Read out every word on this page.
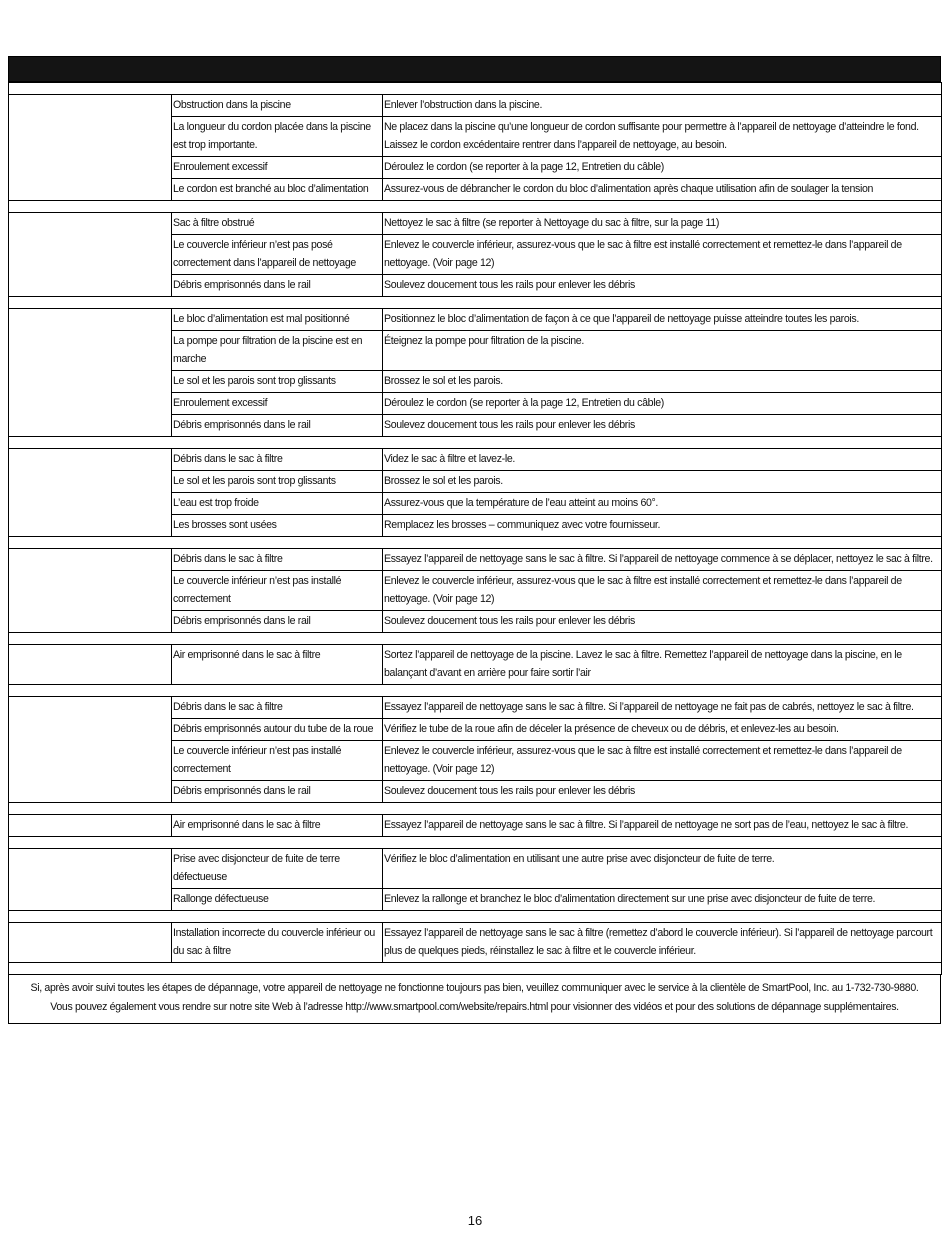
	Obstruction dans la piscine	Enlever l’obstruction dans la piscine.
	La longueur du cordon placée dans la piscine est trop importante.	Ne placez dans la piscine qu’une longueur de cordon suffisante pour permettre à l’appareil de nettoyage d’atteindre le fond. Laissez le cordon excédentaire rentrer dans l’appareil de nettoyage, au besoin.
	Enroulement excessif	Déroulez le cordon (se reporter à la page 12, Entretien du câble)
	Le cordon est branché au bloc d’alimentation	Assurez-vous de débrancher le cordon du bloc d’alimentation après chaque utilisation afin de soulager la tension

	Sac à filtre obstrué	Nettoyez le sac à filtre (se reporter à Nettoyage du sac à filtre, sur la page 11)
	Le couvercle inférieur n’est pas posé correctement dans l’appareil de nettoyage	Enlevez le couvercle inférieur, assurez-vous que le sac à filtre est installé correctement et remettez-le dans l’appareil de nettoyage. (Voir page 12)
	Débris emprisonnés dans le rail	Soulevez doucement tous les rails pour enlever les débris

	Le bloc d’alimentation est mal positionné	Positionnez le bloc d’alimentation de façon à ce que l’appareil de nettoyage puisse atteindre toutes les parois.
	La pompe pour filtration de la piscine est en marche	Éteignez la pompe pour filtration de la piscine.
	Le sol et les parois sont trop glissants	Brossez le sol et les parois.
	Enroulement excessif	Déroulez le cordon (se reporter à la page 12, Entretien du câble)
	Débris emprisonnés dans le rail	Soulevez doucement tous les rails pour enlever les débris

	Débris dans le sac à filtre	Videz le sac à filtre et lavez-le.
	Le sol et les parois sont trop glissants	Brossez le sol et les parois.
	L’eau est trop froide	Assurez-vous que la température de l’eau atteint au moins 60°.
	Les brosses sont usées	Remplacez les brosses – communiquez avec votre fournisseur.

	Débris dans le sac à filtre	Essayez l’appareil de nettoyage sans le sac à filtre. Si l’appareil de nettoyage commence à se déplacer, nettoyez le sac à filtre.
	Le couvercle inférieur n’est pas installé correctement	Enlevez le couvercle inférieur, assurez-vous que le sac à filtre est installé correctement et remettez-le dans l’appareil de nettoyage. (Voir page 12)
	Débris emprisonnés dans le rail	Soulevez doucement tous les rails pour enlever les débris

	Air emprisonné dans le sac à filtre	Sortez l’appareil de nettoyage de la piscine. Lavez le sac à filtre. Remettez l’appareil de nettoyage dans la piscine, en le balançant d’avant en arrière pour faire sortir l’air

	Débris dans le sac à filtre	Essayez l’appareil de nettoyage sans le sac à filtre. Si l’appareil de nettoyage ne fait pas de cabrés, nettoyez le sac à filtre.
	Débris emprisonnés autour du tube de la roue	Vérifiez le tube de la roue afin de déceler la présence de cheveux ou de débris, et enlevez-les au besoin.
	Le couvercle inférieur n’est pas installé correctement	Enlevez le couvercle inférieur, assurez-vous que le sac à filtre est installé correctement et remettez-le dans l’appareil de nettoyage. (Voir page 12)
	Débris emprisonnés dans le rail	Soulevez doucement tous les rails pour enlever les débris

	Air emprisonné dans le sac à filtre	Essayez l’appareil de nettoyage sans le sac à filtre. Si l’appareil de nettoyage ne sort pas de l’eau, nettoyez le sac à filtre.

	Prise avec disjoncteur de fuite de terre défectueuse	Vérifiez le bloc d’alimentation en utilisant une autre prise avec disjoncteur de fuite de terre.
	Rallonge défectueuse	Enlevez la rallonge et branchez le bloc d’alimentation directement sur une prise avec disjoncteur de fuite de terre.

	Installation incorrecte du couvercle inférieur ou du sac à filtre	Essayez l’appareil de nettoyage sans le sac à filtre (remettez d’abord le couvercle inférieur). Si l’appareil de nettoyage parcourt plus de quelques pieds, réinstallez le sac à filtre et le couvercle inférieur.

Si, après avoir suivi toutes les étapes de dépannage, votre appareil de nettoyage ne fonctionne toujours pas bien, veuillez communiquer avec le service à la clientèle de SmartPool, Inc. au 1-732-730-9880.
Vous pouvez également vous rendre sur notre site Web à l’adresse http://www.smartpool.com/website/repairs.html pour visionner des vidéos et pour des solutions de dépannage supplémentaires.
16
